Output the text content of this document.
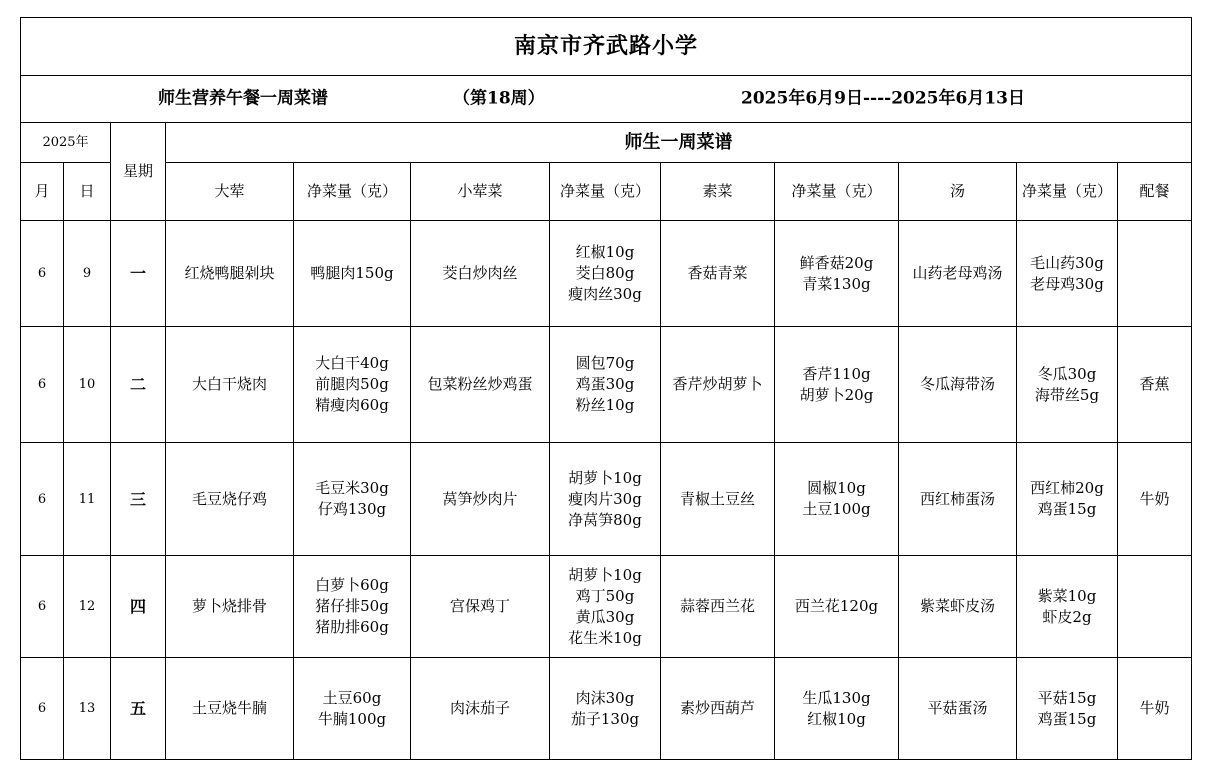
南京市齐武路小学											

师生营养午餐一周菜谱 （第18周） 2025年6月9日----2025年6月13日											

2025年		星期	师生一周菜谱								
月	日		大荤	净菜量（克）	小荤菜	净菜量（克）	素菜	净菜量（克）	汤	净菜量（克）	配餐
6	9	一	红烧鸭腿剁块	鸭腿肉150g	茭白炒肉丝	红椒10g
茭白80g
瘦肉丝30g	香菇青菜	鲜香菇20g
青菜130g	山药老母鸡汤	毛山药30g
老母鸡30g	

6	10	二	大白干烧肉	大白干40g
前腿肉50g
精瘦肉60g	包菜粉丝炒鸡蛋	圆包70g
鸡蛋30g
粉丝10g	香芹炒胡萝卜	香芹110g
胡萝卜20g	冬瓜海带汤	冬瓜30g
海带丝5g	香蕉
6	11	三	毛豆烧仔鸡	毛豆米30g
仔鸡130g	莴笋炒肉片	胡萝卜10g
瘦肉片30g
净莴笋80g	青椒土豆丝	圆椒10g
土豆100g	西红柿蛋汤	西红柿20g
鸡蛋15g	牛奶
6	12	四	萝卜烧排骨	白萝卜60g
猪仔排50g
猪肋排60g	宫保鸡丁	胡萝卜10g
鸡丁50g
黄瓜30g
花生米10g	蒜蓉西兰花	西兰花120g	紫菜虾皮汤	紫菜10g
虾皮2g	

6	13	五	土豆烧牛腩	土豆60g
牛腩100g	肉沫茄子	肉沫30g
茄子130g	素炒西葫芦	生瓜130g
红椒10g	平菇蛋汤	平菇15g
鸡蛋15g	牛奶
